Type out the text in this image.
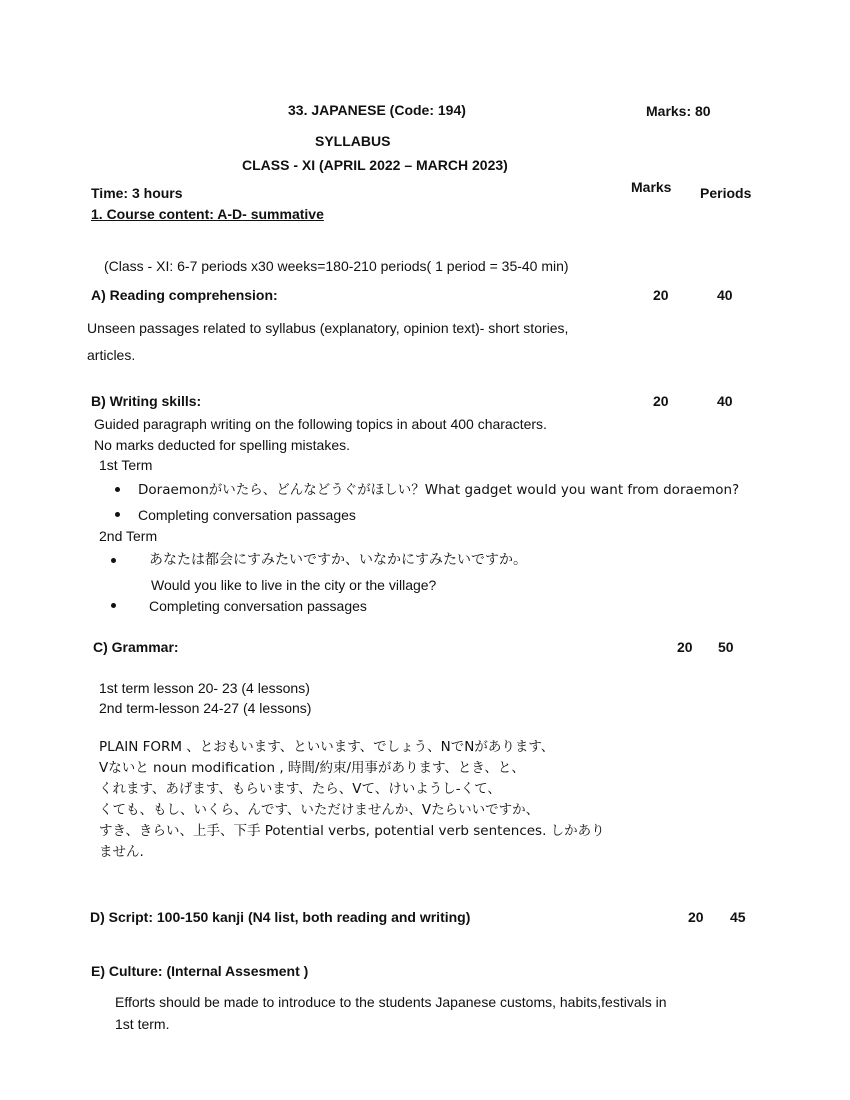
33. JAPANESE (Code: 194)	Marks: 80
SYLLABUS
CLASS - XI (APRIL 2022 – MARCH 2023)
Time: 3 hours	Marks Periods
1. Course content: A-D- summative
(Class - XI: 6-7 periods x30 weeks=180-210 periods( 1 period = 35-40 min)
A) Reading comprehension:	20	40
Unseen passages related to syllabus (explanatory, opinion text)- short stories,
articles.
B) Writing skills:	20	40
Guided paragraph writing on the following topics in about 400 characters.
No marks deducted for spelling mistakes.
1st Term
Doraemonがいたら、どんなどうぐがほしい？What gadget would you want from doraemon?
Completing conversation passages
2nd Term
あなたは都会にすみたいですか、いなかにすみたいですか。
Would you like to live in the city or the village?
Completing conversation passages
C) Grammar:	20 50
1st term lesson 20- 23 (4 lessons)
2nd term-lesson 24-27 (4 lessons)
PLAIN FORM 、とおもいます、といいます、でしょう、NでNがあります、
Vないと noun modification , 時間/約束/用事があります、とき、と、
くれます、あげます、もらいます、たら、Vて、けいようし-くて、
くても、もし、いくら、んです、いただけませんか、Vたらいいですか、
すき、きらい、上手、下手 Potential verbs, potential verb sentences. しかあり
ません.
D) Script: 100-150 kanji (N4 list, both reading and writing)	20 45
E) Culture: (Internal Assesment )
Efforts should be made to introduce to the students Japanese customs, habits,festivals in
1st term.
